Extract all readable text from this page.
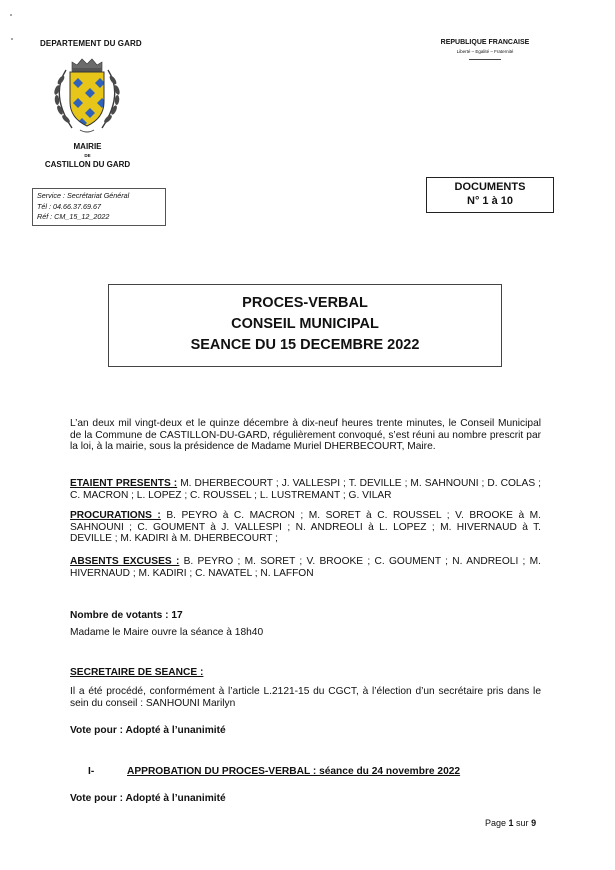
DEPARTEMENT DU GARD	REPUBLIQUE FRANCAISE
Liberté – Egalité – Fraternité
MAIRIE
DE
CASTILLON DU GARD
Service : Secrétariat Général
Tél : 04.66.37.69.67
Réf : CM_15_12_2022
DOCUMENTS
N° 1 à 10
PROCES-VERBAL
CONSEIL MUNICIPAL
SEANCE DU 15 DECEMBRE 2022
L’an deux mil vingt-deux et le quinze décembre à dix-neuf heures trente minutes, le Conseil Municipal de la Commune de CASTILLON-DU-GARD, régulièrement convoqué, s’est réuni au nombre prescrit par la loi, à la mairie, sous la présidence de Madame Muriel DHERBECOURT, Maire.
ETAIENT PRESENTS : M. DHERBECOURT ; J. VALLESPI ; T. DEVILLE ; M. SAHNOUNI ; D. COLAS ; C. MACRON ; L. LOPEZ ; C. ROUSSEL ; L. LUSTREMANT ; G. VILAR
PROCURATIONS : B. PEYRO à C. MACRON ; M. SORET à C. ROUSSEL ; V. BROOKE à M. SAHNOUNI ; C. GOUMENT à J. VALLESPI ; N. ANDREOLI à L. LOPEZ ; M. HIVERNAUD à T. DEVILLE ; M. KADIRI à M. DHERBECOURT ;
ABSENTS EXCUSES : B. PEYRO ; M. SORET ; V. BROOKE ; C. GOUMENT ; N. ANDREOLI ; M. HIVERNAUD ; M. KADIRI ; C. NAVATEL ; N. LAFFON
Nombre de votants : 17
Madame le Maire ouvre la séance à 18h40
SECRETAIRE DE SEANCE :
Il a été procédé, conformément à l’article L.2121-15 du CGCT, à l’élection d’un secrétaire pris dans le sein du conseil : SANHOUNI Marilyn
Vote pour : Adopté à l’unanimité
I-	APPROBATION DU PROCES-VERBAL : séance du 24 novembre 2022
Vote pour : Adopté à l’unanimité
Page 1 sur 9
